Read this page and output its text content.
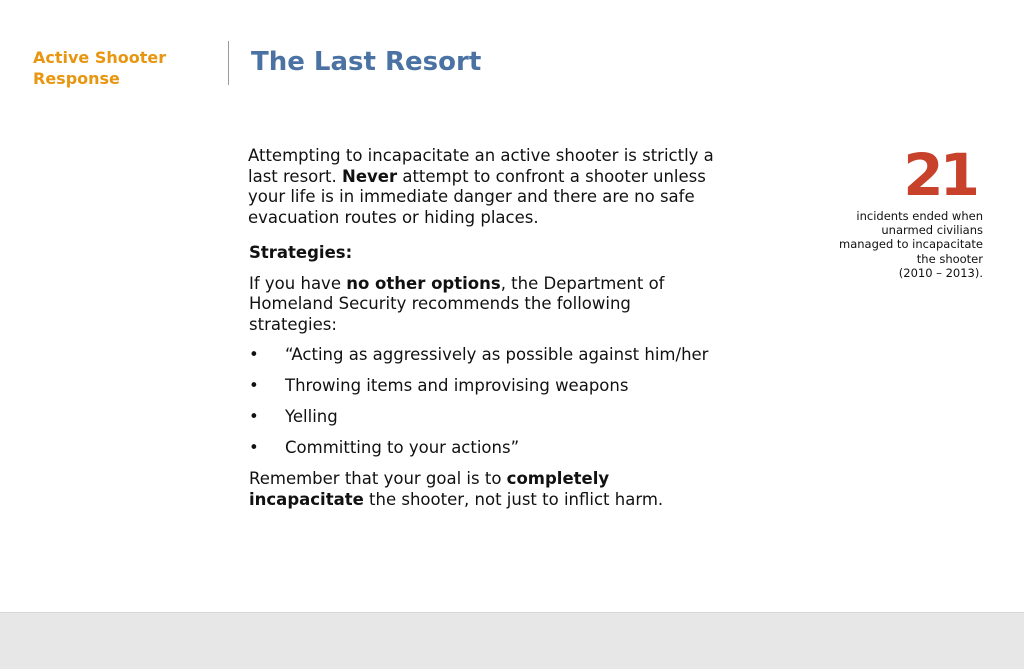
Active Shooter Response
The Last Resort

Attempting to incapacitate an active shooter is strictly a last resort. Never attempt to confront a shooter unless your life is in immediate danger and there are no safe evacuation routes or hiding places.

Strategies:

If you have no other options, the Department of Homeland Security recommends the following strategies:

• “Acting as aggressively as possible against him/her
• Throwing items and improvising weapons
• Yelling
• Committing to your actions”

Remember that your goal is to completely incapacitate the shooter, not just to inflict harm.

21

incidents ended when
unarmed civilians
managed to incapacitate
the shooter
(2010 – 2013).
